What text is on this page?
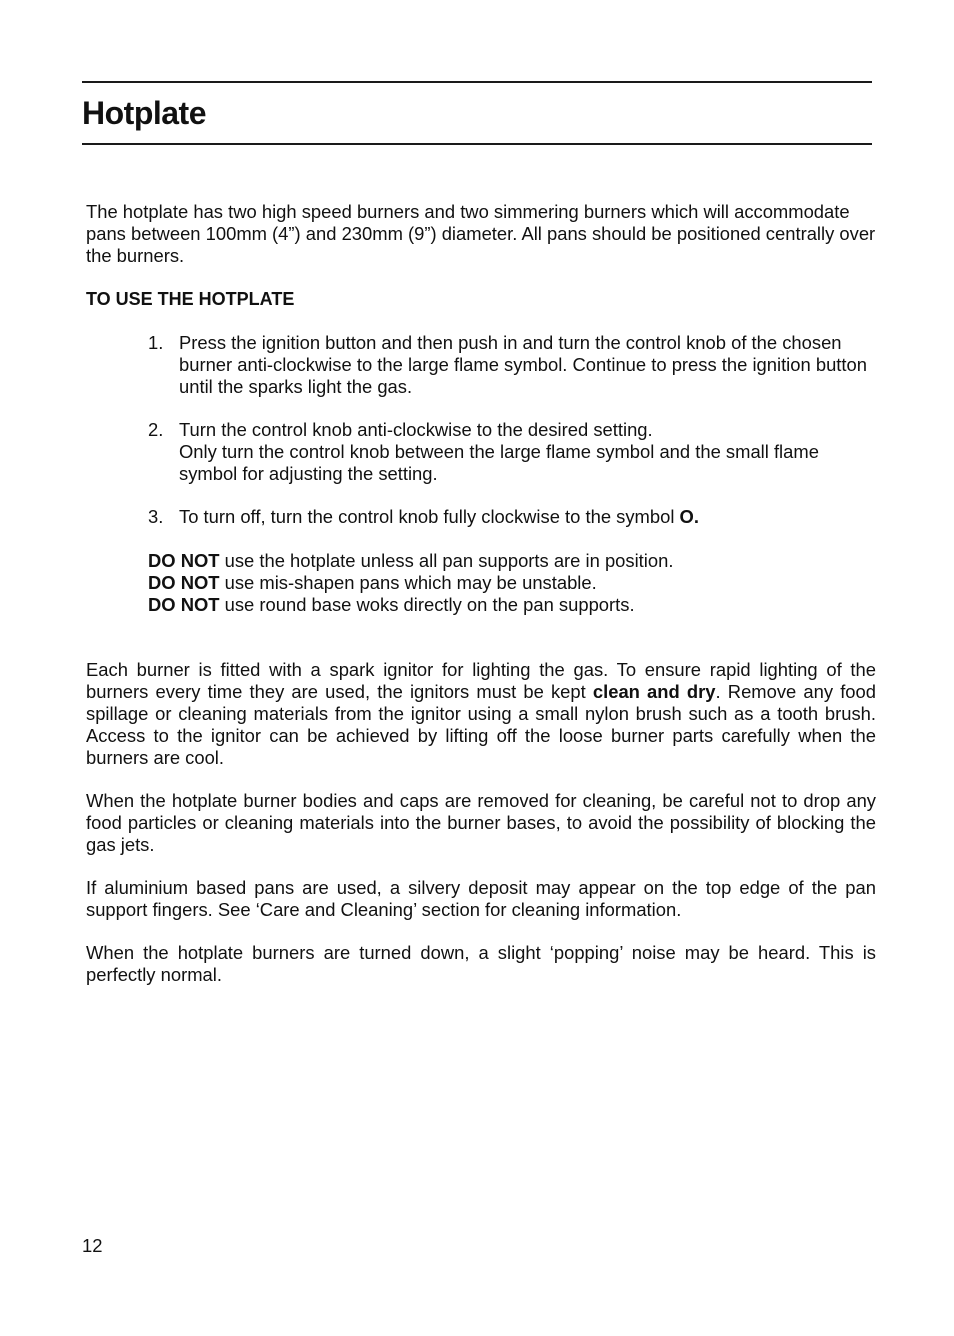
Hotplate

The hotplate has two high speed burners and two simmering burners which will accommodate pans between 100mm (4”) and 230mm (9”) diameter. All pans should be positioned centrally over the burners.

TO USE THE HOTPLATE

1. Press the ignition button and then push in and turn the control knob of the chosen burner anti-clockwise to the large flame symbol. Continue to press the ignition button until the sparks light the gas.
2. Turn the control knob anti-clockwise to the desired setting.
Only turn the control knob between the large flame symbol and the small flame symbol for adjusting the setting.
3. To turn off, turn the control knob fully clockwise to the symbol O.
DO NOT use the hotplate unless all pan supports are in position.
DO NOT use mis-shapen pans which may be unstable.
DO NOT use round base woks directly on the pan supports.

Each burner is fitted with a spark ignitor for lighting the gas. To ensure rapid lighting of the burners every time they are used, the ignitors must be kept clean and dry. Remove any food spillage or cleaning materials from the ignitor using a small nylon brush such as a tooth brush. Access to the ignitor can be achieved by lifting off the loose burner parts carefully when the burners are cool.

When the hotplate burner bodies and caps are removed for cleaning, be careful not to drop any food particles or cleaning materials into the burner bases, to avoid the possibility of blocking the gas jets.

If aluminium based pans are used, a silvery deposit may appear on the top edge of the pan support fingers. See ‘Care and Cleaning’ section for cleaning information.

When the hotplate burners are turned down, a slight ‘popping’ noise may be heard. This is perfectly normal.

12
